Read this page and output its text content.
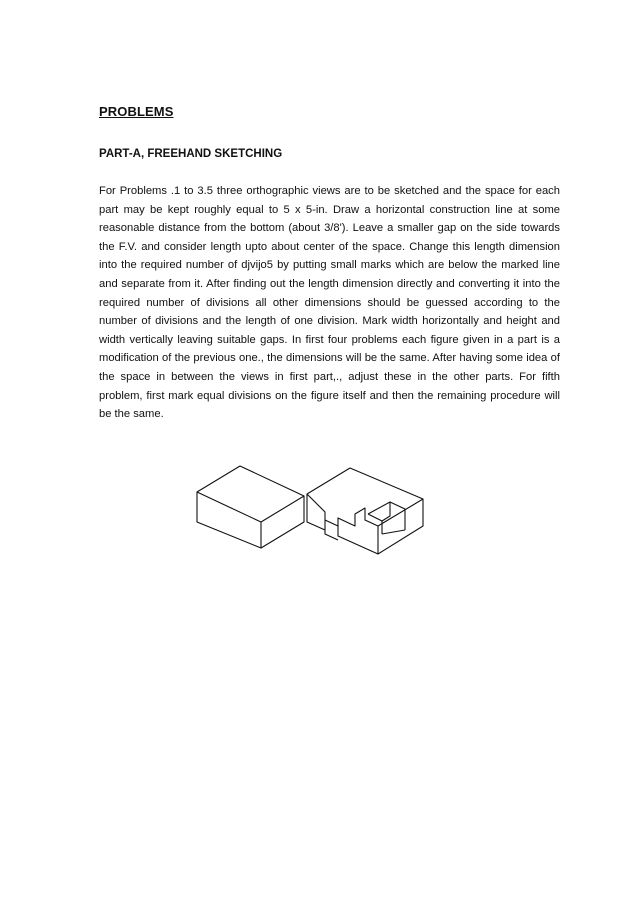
PROBLEMS
PART-A, FREEHAND SKETCHING

For Problems .1 to 3.5 three orthographic views are to be sketched and the space for each part may be kept roughly equal to 5 x 5-in. Draw a horizontal construction line at some reasonable distance from the bottom (about 3/8'). Leave a smaller gap on the side towards the F.V. and consider length upto about center of the space. Change this length dimension into the required number of djvijo5 by putting small marks which are below the marked line and separate from it. After finding out the length dimension directly and converting it into the required number of divisions all other dimensions should be guessed according to the number of divisions and the length of one division. Mark width horizontally and height and width vertically leaving suitable gaps. In first four problems each figure given in a part is a modification of the previous one., the dimensions will be the same. After having some idea of the space in between the views in first part,., adjust these in the other parts. For fifth problem, first mark equal divisions on the figure itself and then the remaining procedure will be the same.
